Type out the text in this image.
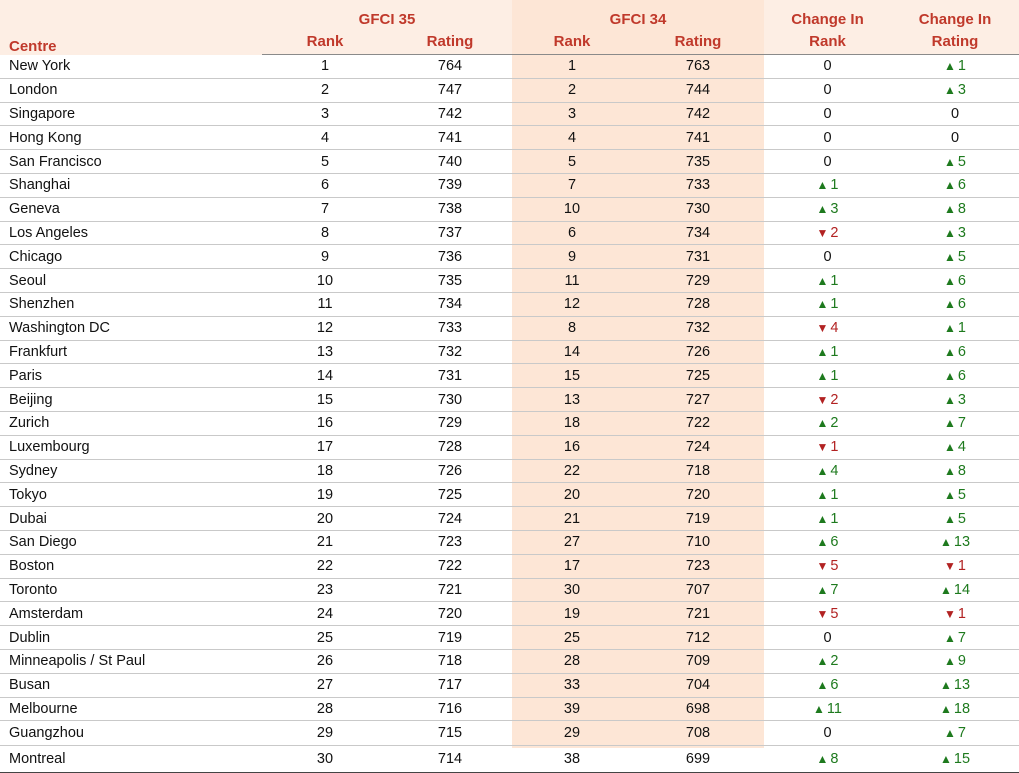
Centre	GFCI 35		GFCI 34		Change In	Change In
	Rank	Rating	Rank	Rating	Rank	Rating
New York	1	764	1	763	0	▲ 1
London	2	747	2	744	0	▲ 3
Singapore	3	742	3	742	0	0
Hong Kong	4	741	4	741	0	0
San Francisco	5	740	5	735	0	▲ 5
Shanghai	6	739	7	733	▲ 1	▲ 6
Geneva	7	738	10	730	▲ 3	▲ 8
Los Angeles	8	737	6	734	▼ 2	▲ 3
Chicago	9	736	9	731	0	▲ 5
Seoul	10	735	11	729	▲ 1	▲ 6
Shenzhen	11	734	12	728	▲ 1	▲ 6
Washington DC	12	733	8	732	▼ 4	▲ 1
Frankfurt	13	732	14	726	▲ 1	▲ 6
Paris	14	731	15	725	▲ 1	▲ 6
Beijing	15	730	13	727	▼ 2	▲ 3
Zurich	16	729	18	722	▲ 2	▲ 7
Luxembourg	17	728	16	724	▼ 1	▲ 4
Sydney	18	726	22	718	▲ 4	▲ 8
Tokyo	19	725	20	720	▲ 1	▲ 5
Dubai	20	724	21	719	▲ 1	▲ 5
San Diego	21	723	27	710	▲ 6	▲ 13
Boston	22	722	17	723	▼ 5	▼ 1
Toronto	23	721	30	707	▲ 7	▲ 14
Amsterdam	24	720	19	721	▼ 5	▼ 1
Dublin	25	719	25	712	0	▲ 7
Minneapolis / St Paul	26	718	28	709	▲ 2	▲ 9
Busan	27	717	33	704	▲ 6	▲ 13
Melbourne	28	716	39	698	▲ 11	▲ 18
Guangzhou	29	715	29	708	0	▲ 7
Montreal	30	714	38	699	▲ 8	▲ 15
